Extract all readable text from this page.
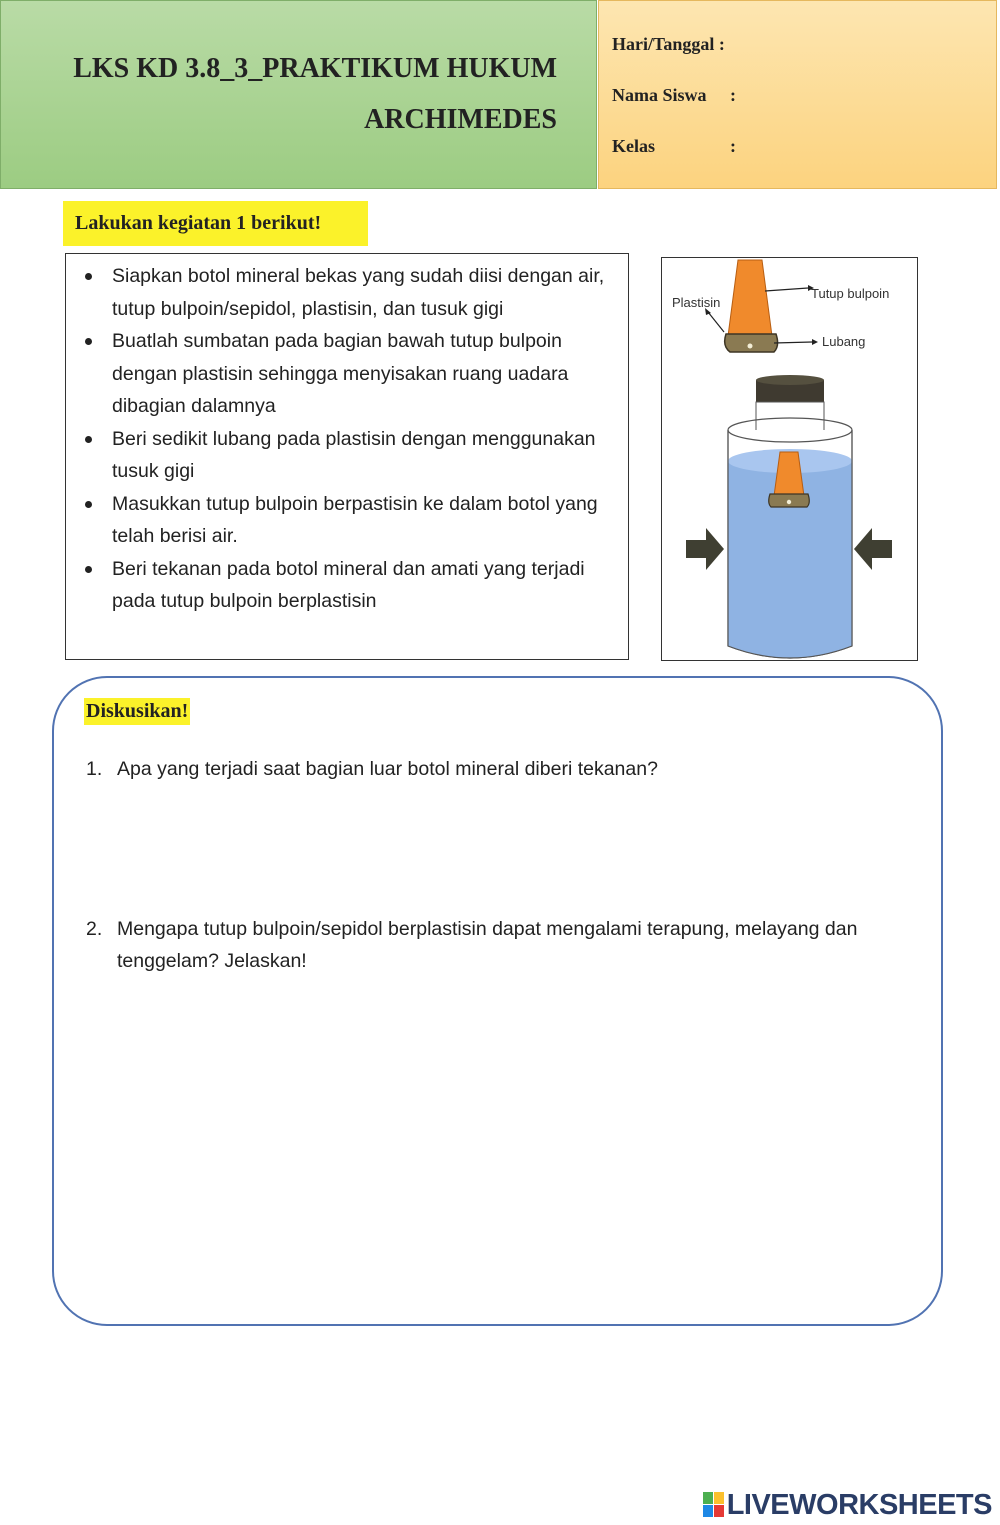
LKS KD 3.8_3_PRAKTIKUM HUKUM
ARCHIMEDES
Hari/Tanggal :
Nama Siswa :
Kelas	:
Lakukan kegiatan 1 berikut!
Siapkan botol mineral bekas yang sudah diisi dengan air, tutup bulpoin/sepidol, plastisin, dan tusuk gigi
Buatlah sumbatan pada bagian bawah tutup bulpoin dengan plastisin sehingga menyisakan ruang uadara dibagian dalamnya
Beri sedikit lubang pada plastisin dengan menggunakan tusuk gigi
Masukkan tutup bulpoin berpastisin ke dalam botol yang telah berisi air.
Beri tekanan pada botol mineral dan amati yang terjadi pada tutup bulpoin berplastisin
Tutup bulpoin
Plastisin
Lubang
Diskusikan!
1. Apa yang terjadi saat bagian luar botol mineral diberi tekanan?
2. Mengapa tutup bulpoin/sepidol berplastisin dapat mengalami terapung, melayang dan tenggelam? Jelaskan!
LIVEWORKSHEETS
